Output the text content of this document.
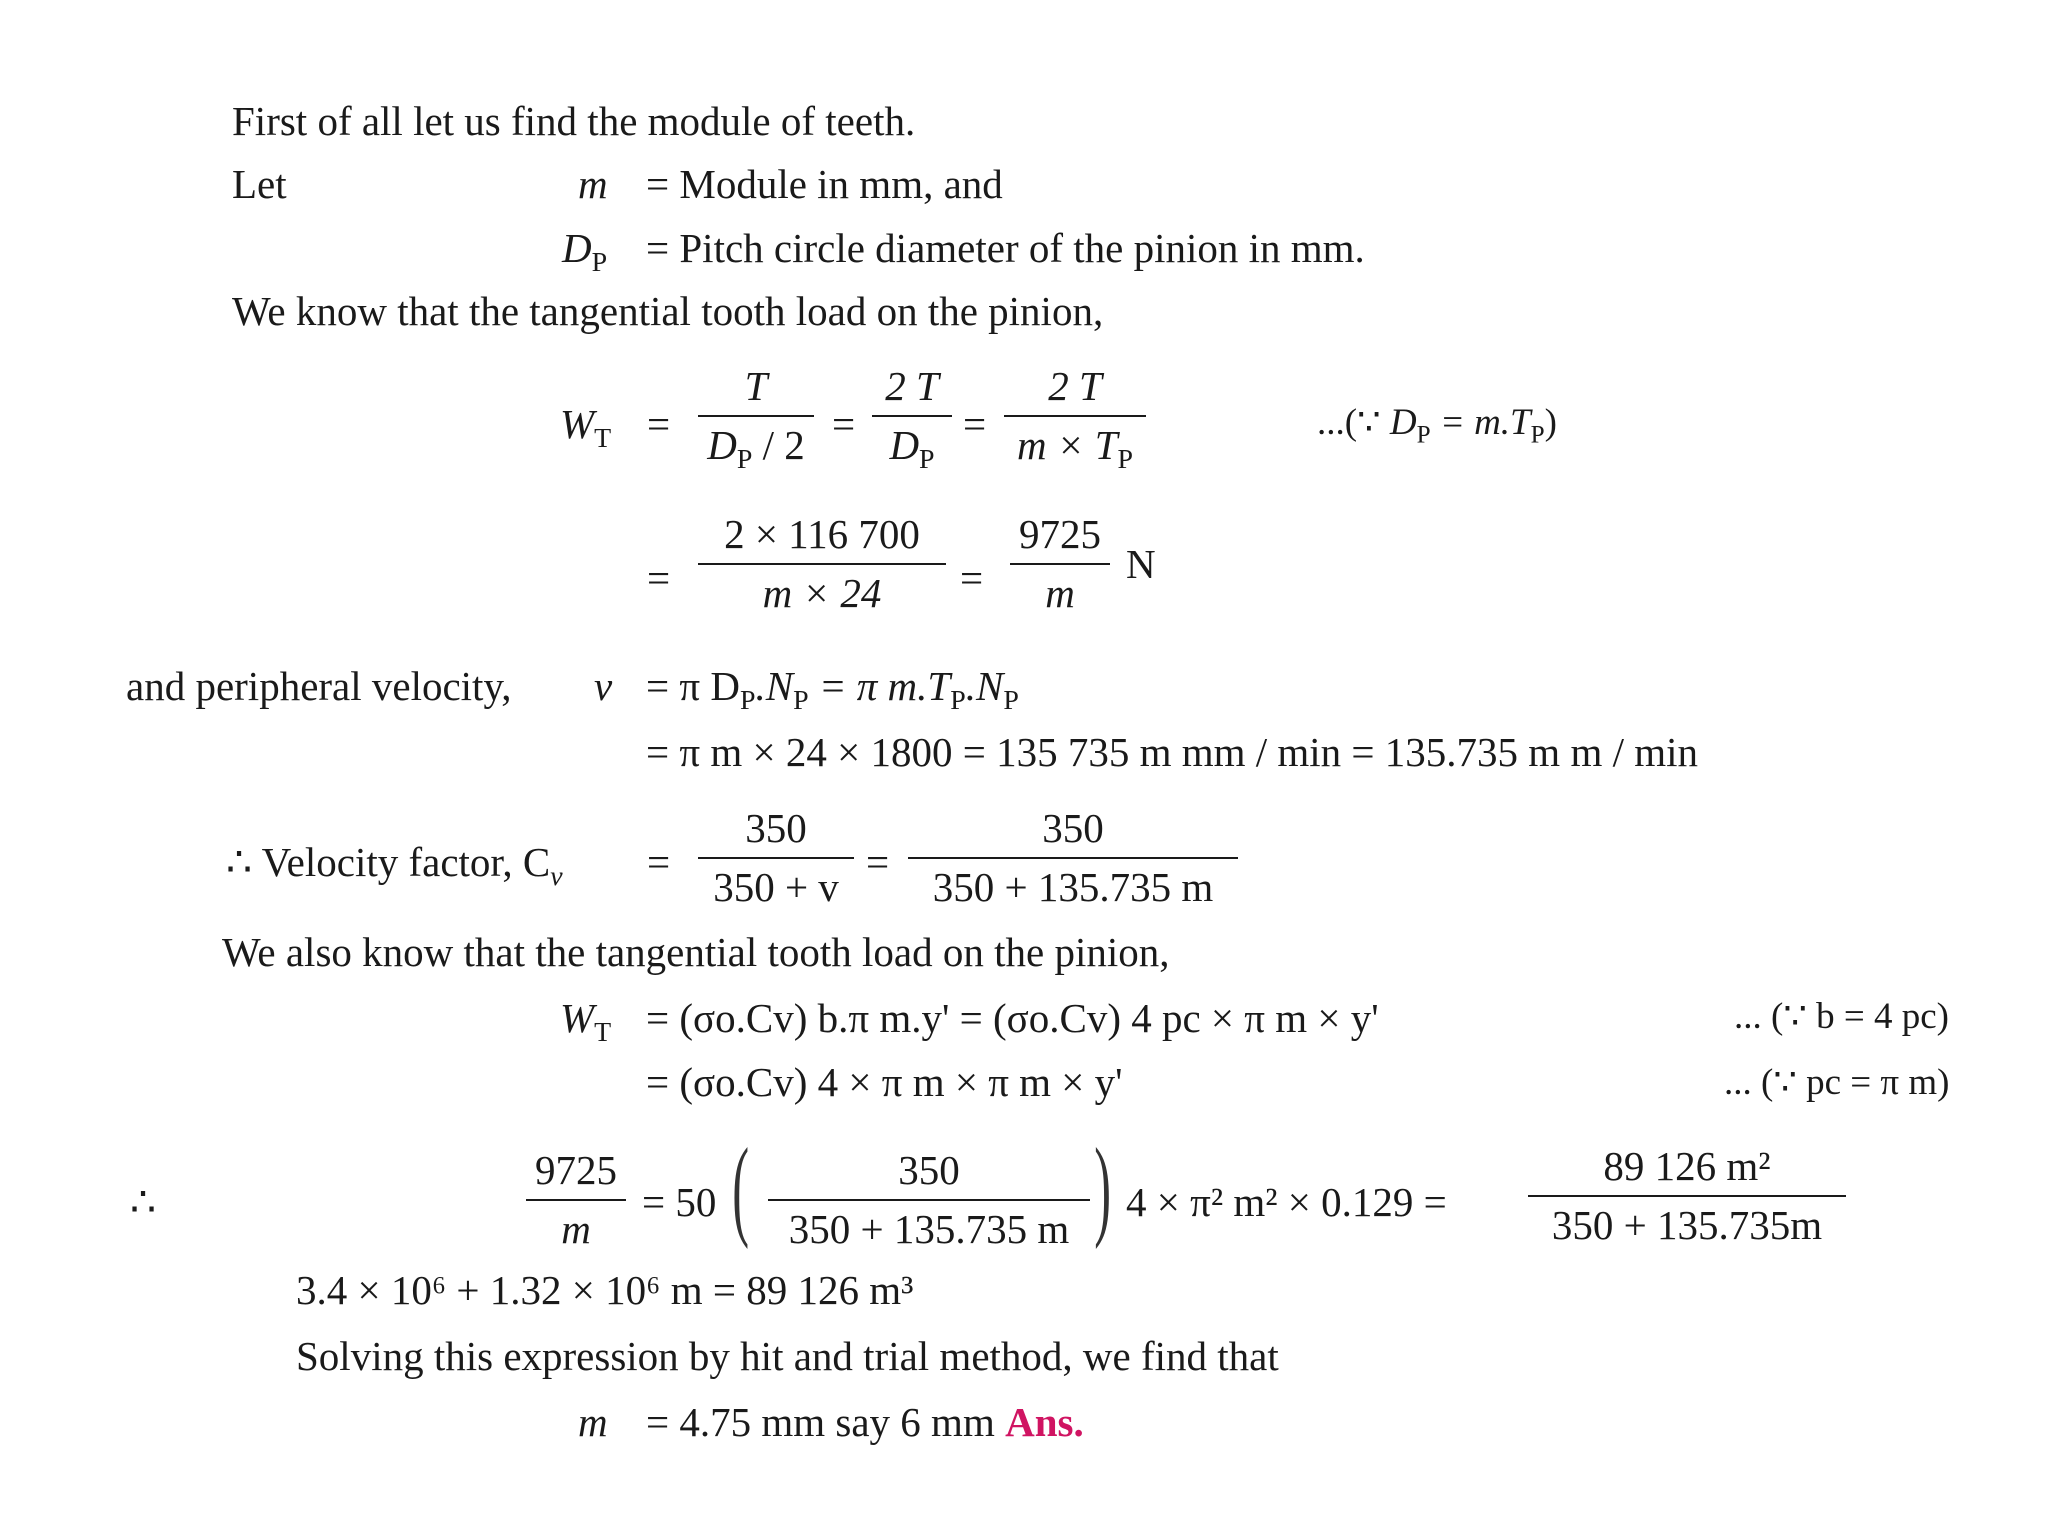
First of all let us find the module of teeth.
Let	m = Module in mm, and
$D_P$ = Pitch circle diameter of the pinion in mm.
We know that the tangential tooth load on the pinion,
$W_T$ =
T
$D_P / 2$ =
2 T
$D_P$
=
2 T
$m \times T_P$
...(∵ $D_P = m.T_P$)
=
2 × 116 700
m × 24	=
9725
m
N
and peripheral velocity, v = π $D_P.N_P = \pi$ $m.T_P.N_P$
= π m × 24 × 1800 = 135 735 m mm / min = 135.735 m m / min
∴ Velocity factor, $C_v$ =
350
350 + v
=
350
350 + 135.735 m
We also know that the tangential tooth load on the pinion,
$W_T = (\sigma o.Cv)$ b.π m.y' = (σo.Cv) 4 pc × π m × y'	... (∵ b = 4 pc)
= (σo.Cv) 4 × π m × π m × y'	... (∵ pc = π m)
∴
9725
m
= 50 (	350
350 + 135.735 m ) 4 × π² m² × 0.129 =
89 126 m²
350 + 135.735m
3.4 × 10⁶ + 1.32 × 10⁶ m = 89 126 m³
Solving this expression by hit and trial method, we find that
m = 4.75 mm say 6 mm Ans.
